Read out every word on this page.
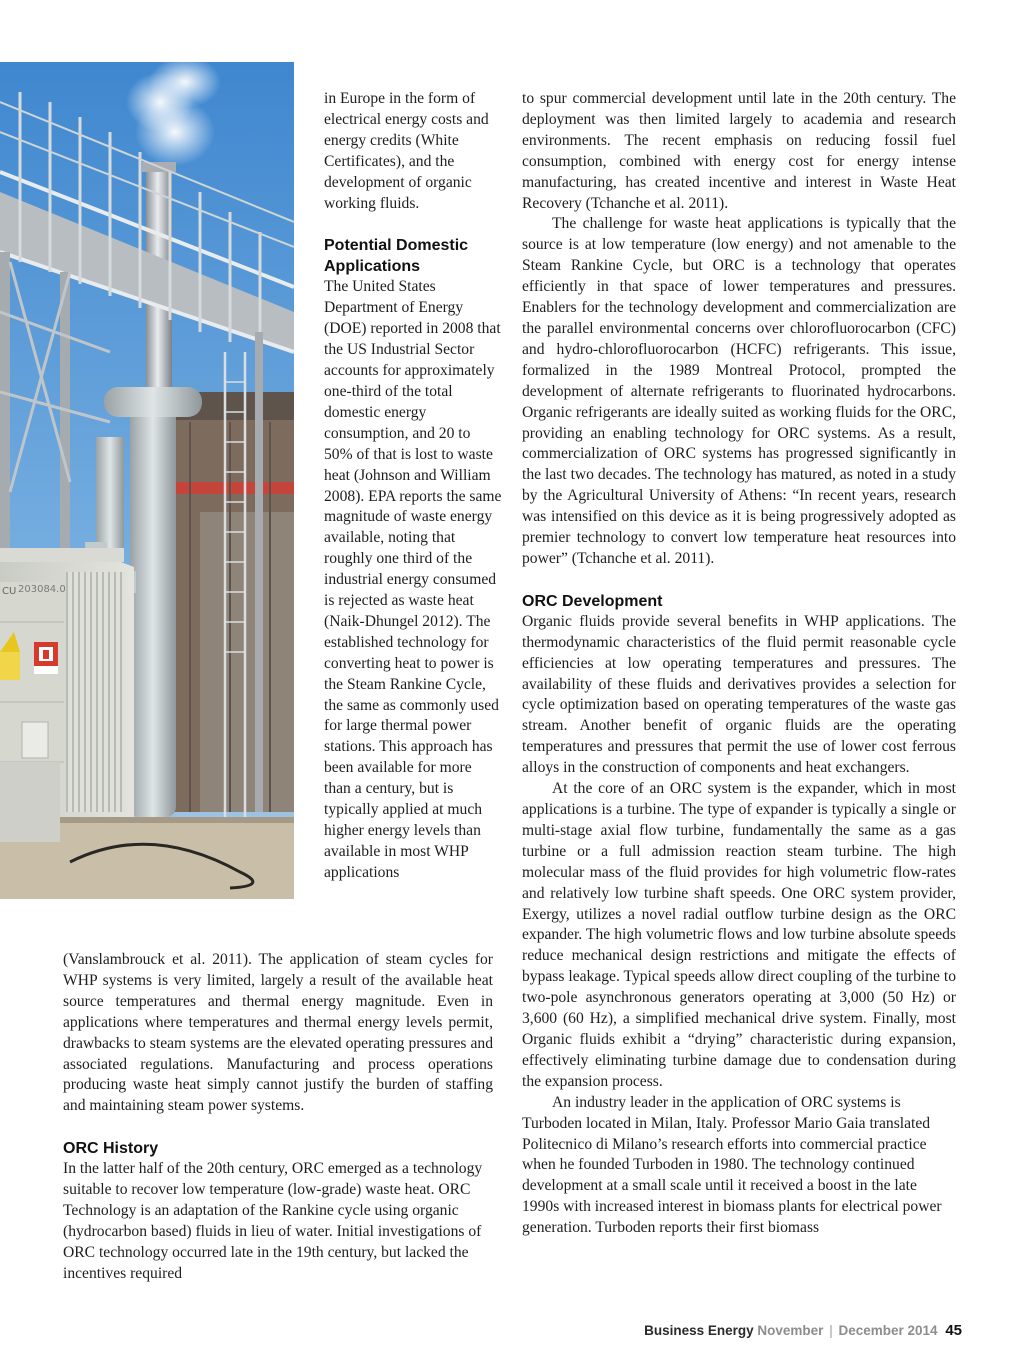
CU 203084.0

in Europe in the form of electrical energy costs and energy credits (White Certificates), and the development of organic working fluids.

Potential Domestic Applications

The United States Department of Energy (DOE) reported in 2008 that the US Industrial Sector accounts for approximately one-third of the total domestic energy consumption, and 20 to 50% of that is lost to waste heat (Johnson and William 2008). EPA reports the same magnitude of waste energy available, noting that roughly one third of the industrial energy consumed is rejected as waste heat (Naik-Dhungel 2012). The established technology for converting heat to power is the Steam Rankine Cycle, the same as commonly used for large thermal power stations. This approach has been available for more than a century, but is typically applied at much higher energy levels than available in most WHP applications

(Vanslambrouck et al. 2011). The application of steam cycles for WHP systems is very limited, largely a result of the available heat source temperatures and thermal energy magnitude. Even in applications where temperatures and thermal energy levels permit, drawbacks to steam systems are the elevated operating pressures and associated regulations. Manufacturing and process operations producing waste heat simply cannot justify the burden of staffing and maintaining steam power systems.

ORC History

In the latter half of the 20th century, ORC emerged as a technology suitable to recover low temperature (low-grade) waste heat. ORC Technology is an adaptation of the Rankine cycle using organic (hydrocarbon based) fluids in lieu of water. Initial investigations of ORC technology occurred late in the 19th century, but lacked the incentives required

to spur commercial development until late in the 20th century. The deployment was then limited largely to academia and research environments. The recent emphasis on reducing fossil fuel consumption, combined with energy cost for energy intense manufacturing, has created incentive and interest in Waste Heat Recovery (Tchanche et al. 2011).

The challenge for waste heat applications is typically that the source is at low temperature (low energy) and not amenable to the Steam Rankine Cycle, but ORC is a technology that operates efficiently in that space of lower temperatures and pressures. Enablers for the technology development and commercialization are the parallel environmental concerns over chlorofluorocarbon (CFC) and hydro-chlorofluorocarbon (HCFC) refrigerants. This issue, formalized in the 1989 Montreal Protocol, prompted the development of alternate refrigerants to fluorinated hydrocarbons. Organic refrigerants are ideally suited as working fluids for the ORC, providing an enabling technology for ORC systems. As a result, commercialization of ORC systems has progressed significantly in the last two decades. The technology has matured, as noted in a study by the Agricultural University of Athens: “In recent years, research was intensified on this device as it is being progressively adopted as premier technology to convert low temperature heat resources into power” (Tchanche et al. 2011).

ORC Development

Organic fluids provide several benefits in WHP applications. The thermodynamic characteristics of the fluid permit reasonable cycle efficiencies at low operating temperatures and pressures. The availability of these fluids and derivatives provides a selection for cycle optimization based on operating temperatures of the waste gas stream. Another benefit of organic fluids are the operating temperatures and pressures that permit the use of lower cost ferrous alloys in the construction of components and heat exchangers.

At the core of an ORC system is the expander, which in most applications is a turbine. The type of expander is typically a single or multi-stage axial flow turbine, fundamentally the same as a gas turbine or a full admission reaction steam turbine. The high molecular mass of the fluid provides for high volumetric flow-rates and relatively low turbine shaft speeds. One ORC system provider, Exergy, utilizes a novel radial outflow turbine design as the ORC expander. The high volumetric flows and low turbine absolute speeds reduce mechanical design restrictions and mitigate the effects of bypass leakage. Typical speeds allow direct coupling of the turbine to two-pole asynchronous generators operating at 3,000 (50 Hz) or 3,600 (60 Hz), a simplified mechanical drive system. Finally, most Organic fluids exhibit a “drying” characteristic during expansion, effectively eliminating turbine damage due to condensation during the expansion process.

An industry leader in the application of ORC systems is Turboden located in Milan, Italy. Professor Mario Gaia translated Politecnico di Milano’s research efforts into commercial practice when he founded Turboden in 1980. The technology continued development at a small scale until it received a boost in the late 1990s with increased interest in biomass plants for electrical power generation. Turboden reports their first biomass

Business Energy November | December 2014 45
